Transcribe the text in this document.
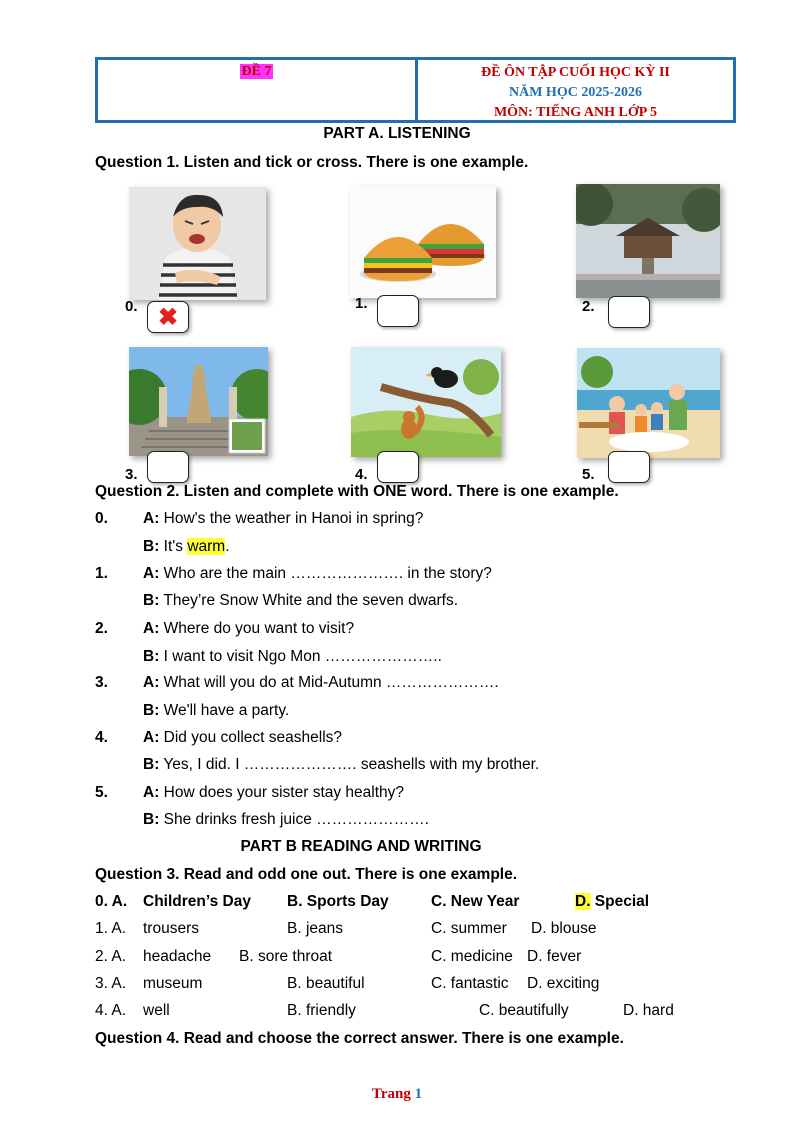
ĐỀ 7	ĐỀ ÔN TẬP CUỐI HỌC KỲ II
NĂM HỌC 2025-2026
MÔN: TIẾNG ANH LỚP 5
PART A. LISTENING
Question 1. Listen and tick or cross. There is one example.
0. ✖
1.	2.
3.	4.	5.
Question 2. Listen and complete with ONE word. There is one example.
0. A: How's the weather in Hanoi in spring?
B: It's warm.
1. A: Who are the main …………………. in the story?
B: They’re Snow White and the seven dwarfs.
2. A: Where do you want to visit?
B: I want to visit Ngo Mon …………………..
3. A: What will you do at Mid-Autumn ………………….
B: We'll have a party.
4. A: Did you collect seashells?
B: Yes, I did. I …………………. seashells with my brother.
5. A: How does your sister stay healthy?
B: She drinks fresh juice ………………….
PART B READING AND WRITING
Question 3. Read and odd one out. There is one example.
0. A. Children’s Day B. Sports Day	C. New Year	D. Special
1. A. trousers	B. jeans	C. summer D. blouse
2. A. headache B. sore throat	C. medicine D. fever
3. A. museum	B. beautiful	C. fantastic D. exciting
4. A. well	B. friendly	C. beautifully	D. hard
Question 4. Read and choose the correct answer. There is one example.
Trang 1
